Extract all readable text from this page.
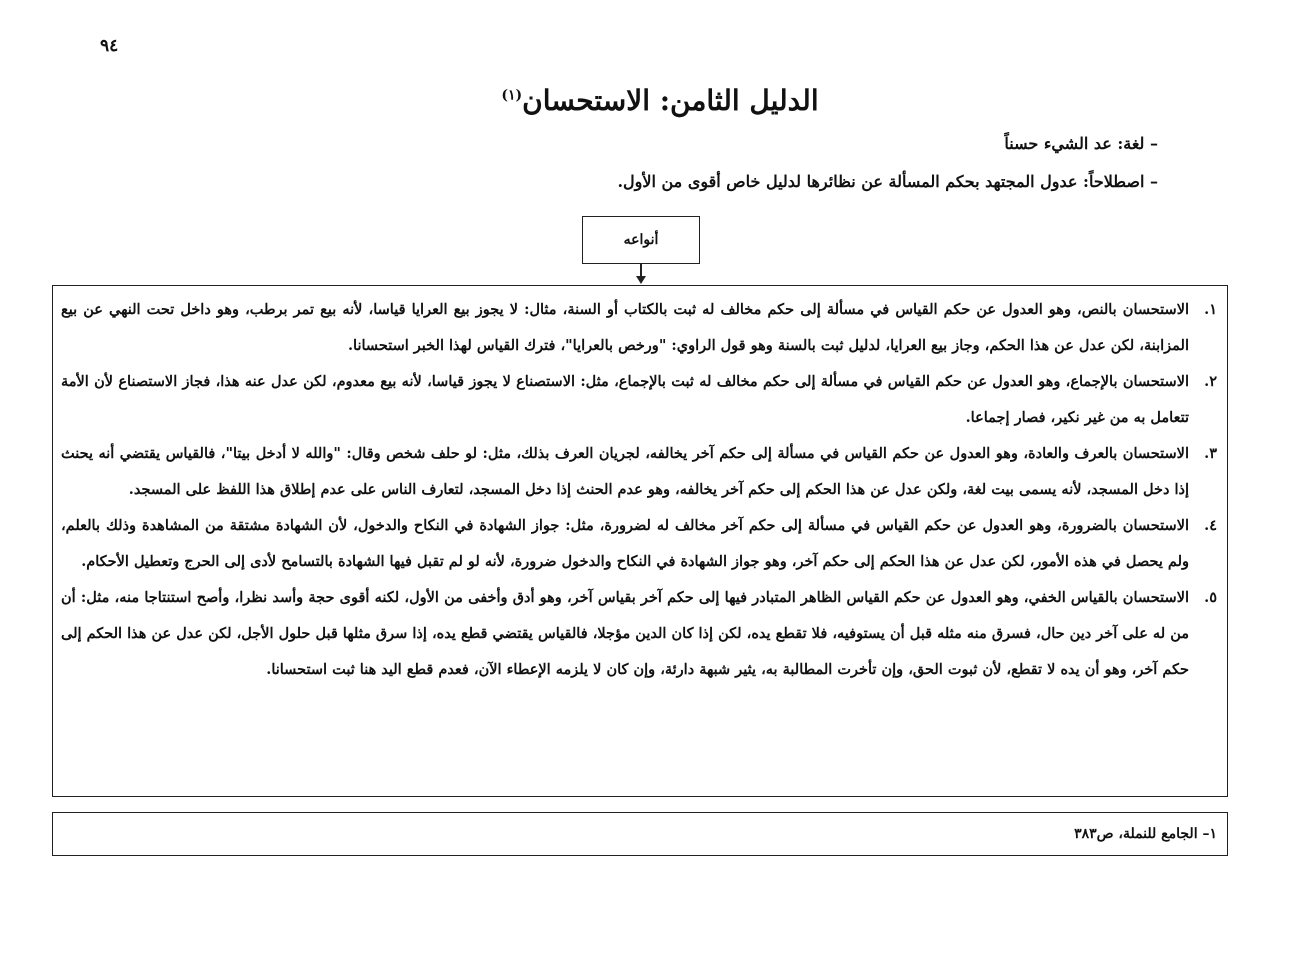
٩٤
الدليل الثامن: الاستحسان$^{(١)}$
– لغة: عد الشيء حسناً
– اصطلاحاً: عدول المجتهد بحكم المسألة عن نظائرها لدليل خاص أقوى من الأول.
أنواعه
١.
الاستحسان بالنص، وهو العدول عن حكم القياس في مسألة إلى حكم مخالف له ثبت بالكتاب أو السنة، مثال: لا يجوز بيع العرايا قياسا، لأنه بيع تمر برطب، وهو داخل تحت النهي عن بيع المزابنة، لكن عدل عن هذا الحكم، وجاز بيع العرايا، لدليل ثبت بالسنة وهو قول الراوي: "ورخص بالعرايا"، فترك القياس لهذا الخبر استحسانا.
٢.
الاستحسان بالإجماع، وهو العدول عن حكم القياس في مسألة إلى حكم مخالف له ثبت بالإجماع، مثل: الاستصناع لا يجوز قياسا، لأنه بيع معدوم، لكن عدل عنه هذا، فجاز الاستصناع لأن الأمة تتعامل به من غير نكير، فصار إجماعا.
٣.
الاستحسان بالعرف والعادة، وهو العدول عن حكم القياس في مسألة إلى حكم آخر يخالفه، لجريان العرف بذلك، مثل: لو حلف شخص وقال: "والله لا أدخل بيتا"، فالقياس يقتضي أنه يحنث إذا دخل المسجد، لأنه يسمى بيت لغة، ولكن عدل عن هذا الحكم إلى حكم آخر يخالفه، وهو عدم الحنث إذا دخل المسجد، لتعارف الناس على عدم إطلاق هذا اللفظ على المسجد.
٤.
الاستحسان بالضرورة، وهو العدول عن حكم القياس في مسألة إلى حكم آخر مخالف له لضرورة، مثل: جواز الشهادة في النكاح والدخول، لأن الشهادة مشتقة من المشاهدة وذلك بالعلم، ولم يحصل في هذه الأمور، لكن عدل عن هذا الحكم إلى حكم آخر، وهو جواز الشهادة في النكاح والدخول ضرورة، لأنه لو لم تقبل فيها الشهادة بالتسامح لأدى إلى الحرج وتعطيل الأحكام.
٥.
الاستحسان بالقياس الخفي، وهو العدول عن حكم القياس الظاهر المتبادر فيها إلى حكم آخر بقياس آخر، وهو أدق وأخفى من الأول، لكنه أقوى حجة وأسد نظرا، وأصح استنتاجا منه، مثل: أن من له على آخر دين حال، فسرق منه مثله قبل أن يستوفيه، فلا تقطع يده، لكن إذا كان الدين مؤجلا، فالقياس يقتضي قطع يده، إذا سرق مثلها قبل حلول الأجل، لكن عدل عن هذا الحكم إلى حكم آخر، وهو أن يده لا تقطع، لأن ثبوت الحق، وإن تأخرت المطالبة به، يثير شبهة دارئة، وإن كان لا يلزمه الإعطاء الآن، فعدم قطع اليد هنا ثبت استحسانا.
١– الجامع للنملة، ص٣٨٣
